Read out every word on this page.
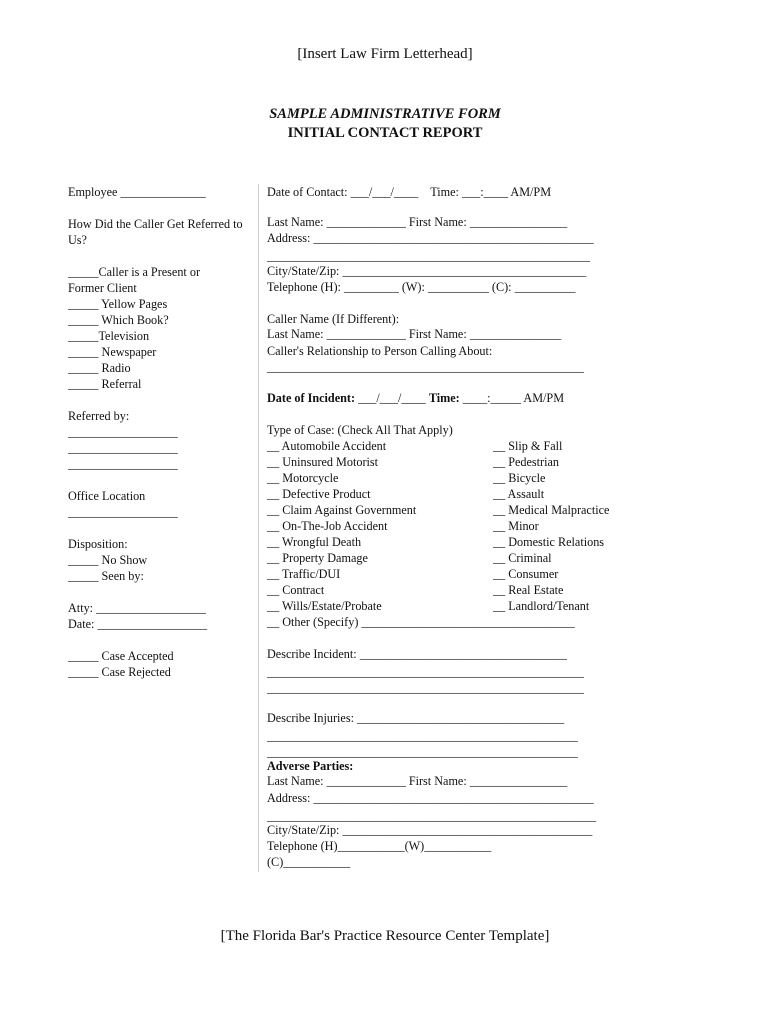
[Insert Law Firm Letterhead]
SAMPLE ADMINISTRATIVE FORM
INITIAL CONTACT REPORT
Employee ______________
How Did the Caller Get Referred to
Us?
_____Caller is a Present or
Former Client
_____ Yellow Pages
_____ Which Book?
_____Television
_____ Newspaper
_____ Radio
_____ Referral
Referred by:
__________________
__________________
__________________
Office Location
__________________
Disposition:
_____ No Show
_____ Seen by:
Atty: __________________
Date: __________________
_____ Case Accepted
_____ Case Rejected
Date of Contact: ___/___/____    Time: ___:____ AM/PM
Last Name: _____________ First Name: ________________
Address: ______________________________________________
_____________________________________________________
City/State/Zip: ________________________________________
Telephone (H): _________ (W): __________ (C): __________
Caller Name (If Different):
Last Name: _____________ First Name: _______________
Caller's Relationship to Person Calling About:
____________________________________________________
Date of Incident: ___/___/____ Time: ____:_____ AM/PM
Type of Case: (Check All That Apply)
__ Automobile Accident
__ Uninsured Motorist
__ Motorcycle
__ Defective Product
__ Claim Against Government
__ On-The-Job Accident
__ Wrongful Death
__ Property Damage
__ Traffic/DUI
__ Contract
__ Wills/Estate/Probate
__ Other (Specify) ___________________________________
__ Slip & Fall
__ Pedestrian
__ Bicycle
__ Assault
__ Medical Malpractice
__ Minor
__ Domestic Relations
__ Criminal
__ Consumer
__ Real Estate
__ Landlord/Tenant
Describe Incident: __________________________________
____________________________________________________
____________________________________________________
Describe Injuries: __________________________________
___________________________________________________
___________________________________________________
Adverse Parties:
Last Name: _____________ First Name: ________________
Address: ______________________________________________
______________________________________________________
City/State/Zip: _________________________________________
Telephone (H)___________(W)___________
(C)___________
[The Florida Bar's Practice Resource Center Template]
